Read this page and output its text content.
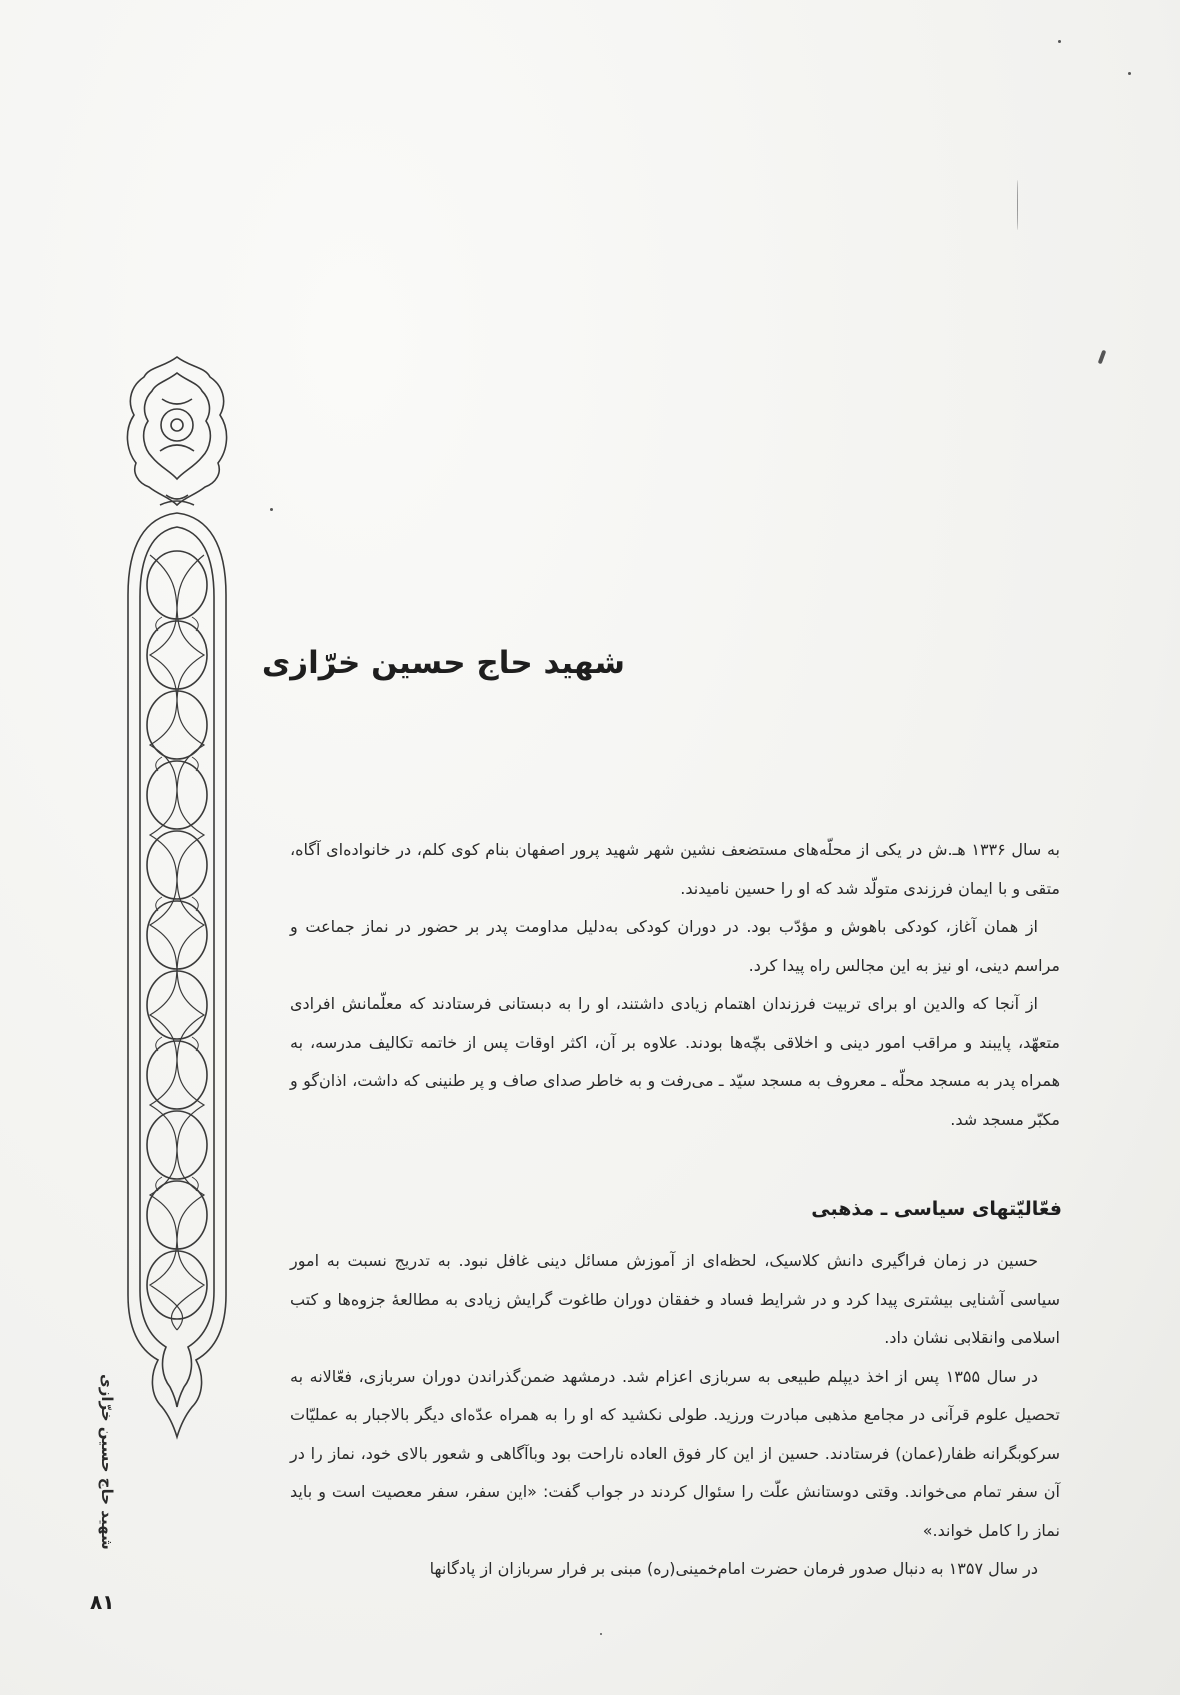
شهید حاج حسین خرّازی

به سال ۱۳۳۶ هـ.ش در یکی از محلّه‌های مستضعف نشین شهر شهید پرور اصفهان بنام کوی کلم، در خانواده‌ای آگاه، متقی و با ایمان فرزندی متولّد شد که او را حسین نامیدند.

از همان آغاز، کودکی باهوش و مؤدّب بود. در دوران کودکی به‌دلیل مداومت پدر بر حضور در نماز جماعت و مراسم دینی، او نیز به این مجالس راه پیدا کرد.

از آنجا که والدین او برای تربیت فرزندان اهتمام زیادی داشتند، او را به دبستانی فرستادند که معلّمانش افرادی متعهّد، پایبند و مراقب امور دینی و اخلاقی بچّه‌ها بودند. علاوه بر آن، اکثر اوقات پس از خاتمه تکالیف مدرسه، به همراه پدر به مسجد محلّه ـ معروف به مسجد سیّد ـ می‌رفت و به خاطر صدای صاف و پر طنینی که داشت، اذان‌گو و مکبّر مسجد شد.

فعّالیّتهای سیاسی ـ مذهبی

حسین در زمان فراگیری دانش کلاسیک، لحظه‌ای از آموزش مسائل دینی غافل نبود. به تدریج نسبت به امور سیاسی آشنایی بیشتری پیدا کرد و در شرایط فساد و خفقان دوران طاغوت گرایش زیادی به مطالعهٔ جزوه‌ها و کتب اسلامی وانقلابی نشان داد.

در سال ۱۳۵۵ پس از اخذ دیپلم طبیعی به سربازی اعزام شد. درمشهد ضمن‌گذراندن دوران سربازی، فعّالانه به تحصیل علوم قرآنی در مجامع مذهبی مبادرت ورزید. طولی نکشید که او را به همراه عدّه‌ای دیگر بالاجبار به عملیّات سرکوبگرانه ظفار(عمان) فرستادند. حسین از این کار فوق العاده ناراحت بود وباآگاهی و شعور بالای خود، نماز را در آن سفر تمام می‌خواند. وقتی دوستانش علّت را سئوال کردند در جواب گفت: «این سفر، سفر معصیت است و باید نماز را کامل خواند.»

در سال ۱۳۵۷ به دنبال صدور فرمان حضرت امام‌خمینی(ره) مبنی بر فرار سربازان از پادگانها

شهید حاج حسین خرّازی
۸۱
